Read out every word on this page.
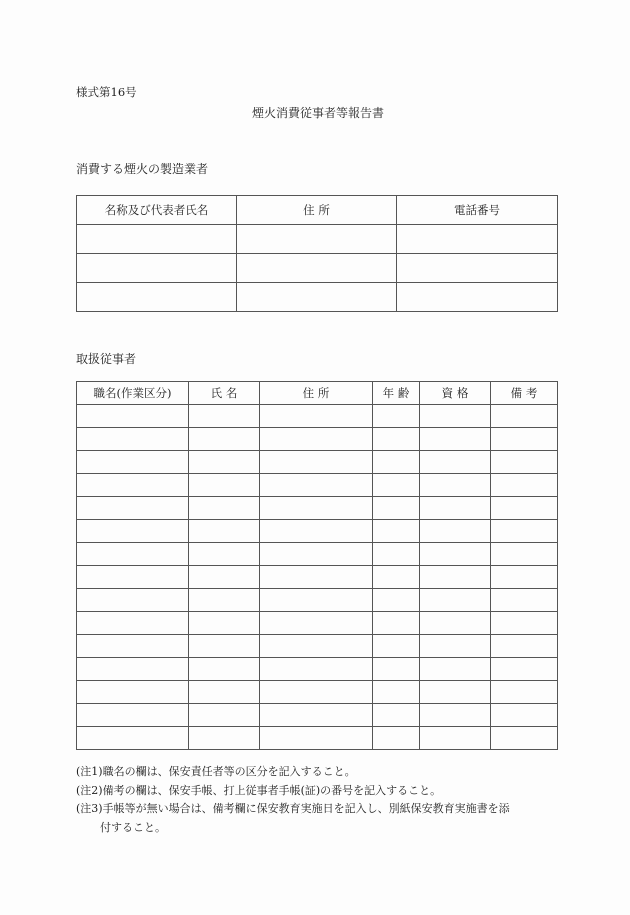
様式第16号
煙火消費従事者等報告書
消費する煙火の製造業者
名称及び代表者氏名	住 所	電話番号

取扱従事者
職名(作業区分)	氏 名	住 所	年 齢	資 格	備 考

(注1)職名の欄は、保安責任者等の区分を記入すること。
(注2)備考の欄は、保安手帳、打上従事者手帳(証)の番号を記入すること。
(注3)手帳等が無い場合は、備考欄に保安教育実施日を記入し、別紙保安教育実施書を添
付すること。
